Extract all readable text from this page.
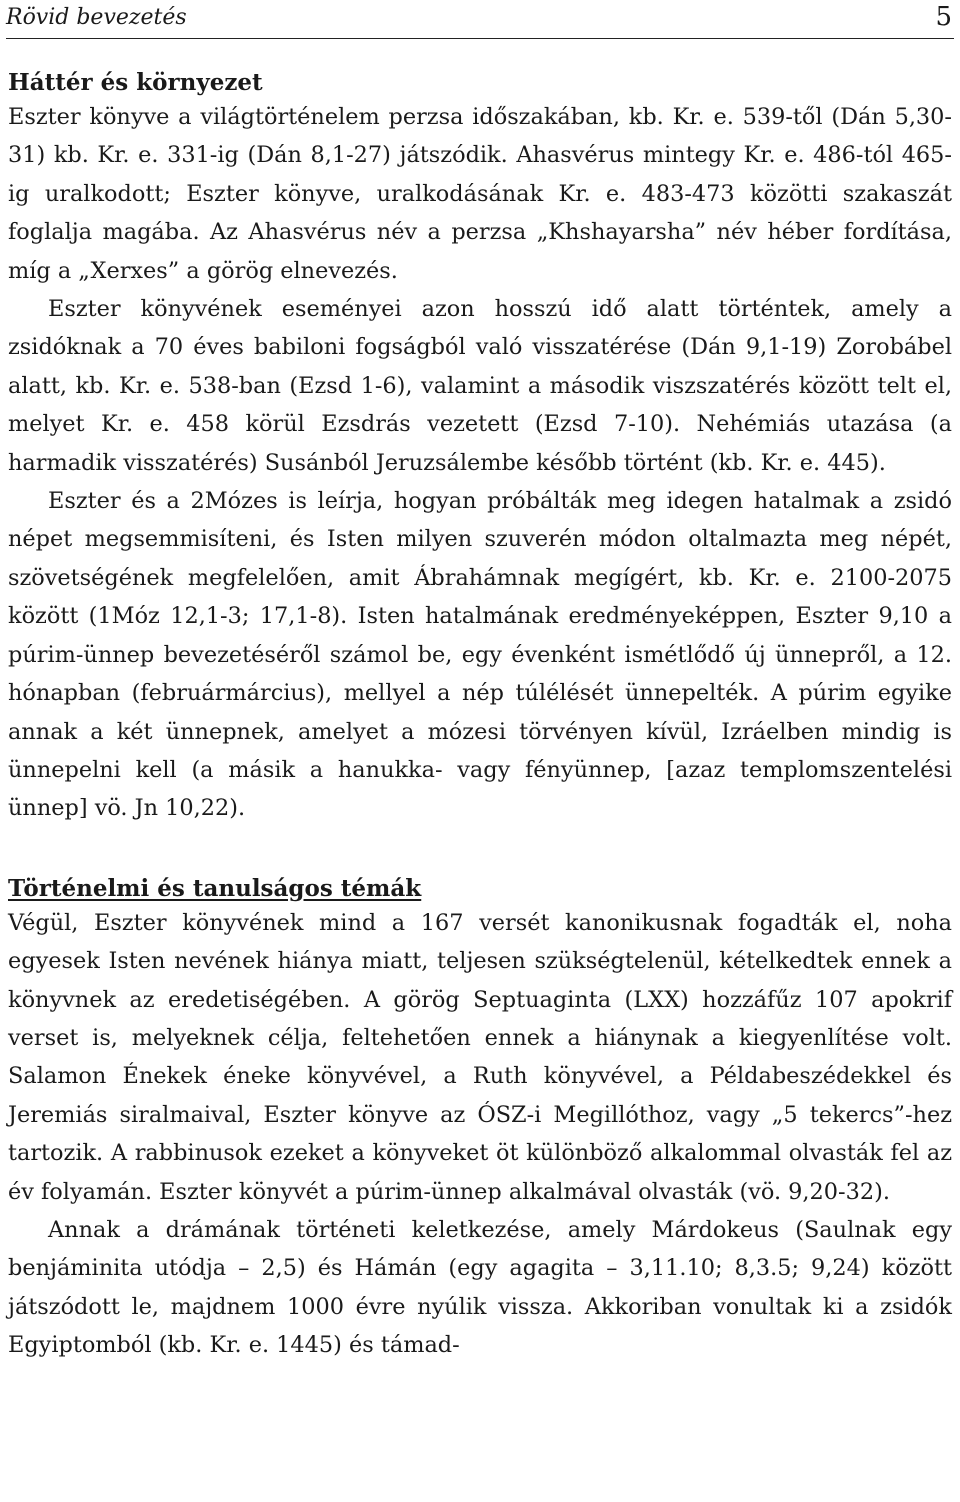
Rövid bevezetés	5
Háttér és környezet

Eszter könyve a világtörténelem perzsa időszakában, kb. Kr. e. 539-től (Dán 5,30-31) kb. Kr. e. 331-ig (Dán 8,1-27) játszódik. Ahasvérus mintegy Kr. e. 486-tól 465-ig uralkodott; Eszter könyve, uralkodásának Kr. e. 483-473 közötti szakaszát foglalja magába. Az Ahasvérus név a perzsa „Khshayarsha” név héber fordítása, míg a „Xerxes” a görög elnevezés.

Eszter könyvének eseményei azon hosszú idő alatt történtek, amely a zsidóknak a 70 éves babiloni fogságból való visszatérése (Dán 9,1-19) Zorobábel alatt, kb. Kr. e. 538-ban (Ezsd 1-6), valamint a második viszszatérés között telt el, melyet Kr. e. 458 körül Ezsdrás vezetett (Ezsd 7-10). Nehémiás utazása (a harmadik visszatérés) Susánból Jeruzsálembe később történt (kb. Kr. e. 445).

Eszter és a 2Mózes is leírja, hogyan próbálták meg idegen hatalmak a zsidó népet megsemmisíteni, és Isten milyen szuverén módon oltalmazta meg népét, szövetségének megfelelően, amit Ábrahámnak megígért, kb. Kr. e. 2100-2075 között (1Móz 12,1-3; 17,1-8). Isten hatalmának eredményeképpen, Eszter 9,10 a púrim-ünnep bevezetéséről számol be, egy évenként ismétlődő új ünnepről, a 12. hónapban (februármárcius), mellyel a nép túlélését ünnepelték. A púrim egyike annak a két ünnepnek, amelyet a mózesi törvényen kívül, Izráelben mindig is ünnepelni kell (a másik a hanukka- vagy fényünnep, [azaz templomszentelési ünnep] vö. Jn 10,22).

Történelmi és tanulságos témák

Végül, Eszter könyvének mind a 167 versét kanonikusnak fogadták el, noha egyesek Isten nevének hiánya miatt, teljesen szükségtelenül, kételkedtek ennek a könyvnek az eredetiségében. A görög Septuaginta (LXX) hozzáfűz 107 apokrif verset is, melyeknek célja, feltehetően ennek a hiánynak a kiegyenlítése volt. Salamon Énekek éneke könyvével, a Ruth könyvével, a Példabeszédekkel és Jeremiás siralmaival, Eszter könyve az ÓSZ-i Megillóthoz, vagy „5 tekercs”-hez tartozik. A rabbinusok ezeket a könyveket öt különböző alkalommal olvasták fel az év folyamán. Eszter könyvét a púrim-ünnep alkalmával olvasták (vö. 9,20-32).

Annak a drámának történeti keletkezése, amely Márdokeus (Saulnak egy benjáminita utódja – 2,5) és Hámán (egy agagita – 3,11.10; 8,3.5; 9,24) között játszódott le, majdnem 1000 évre nyúlik vissza. Akkoriban vonultak ki a zsidók Egyiptomból (kb. Kr. e. 1445) és támad-
